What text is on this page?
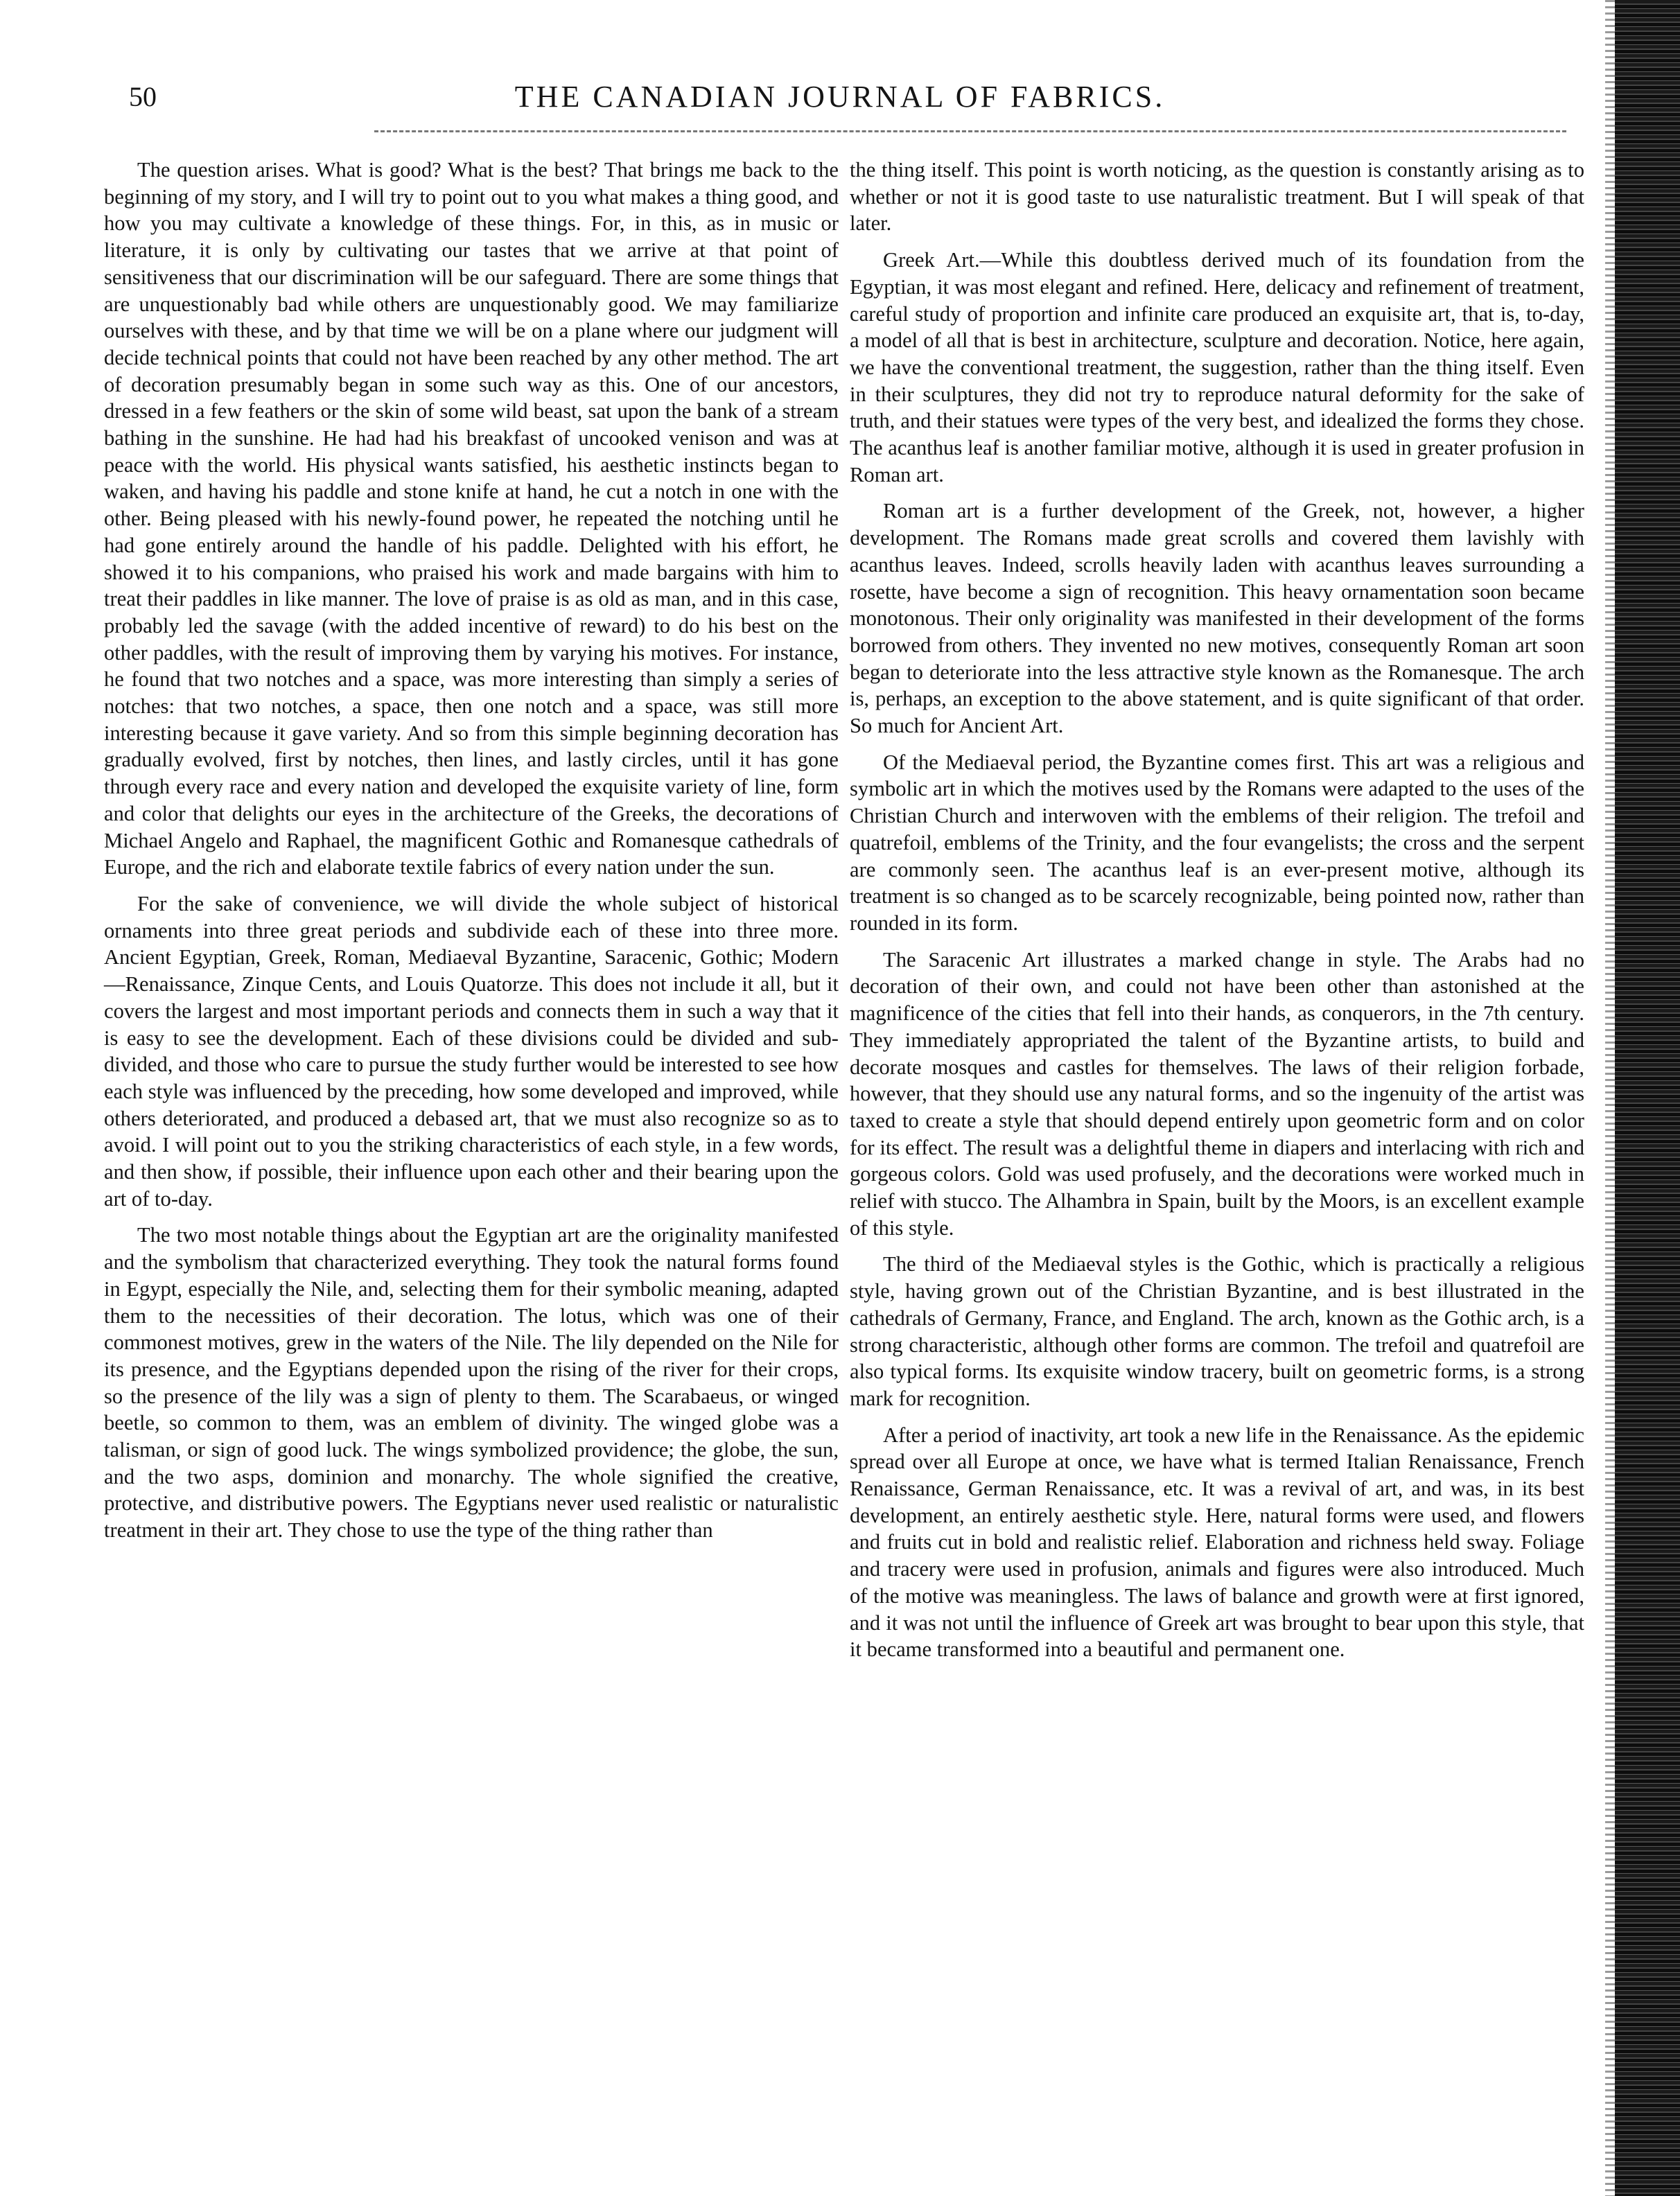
50	THE CANADIAN JOURNAL OF FABRICS.

The question arises. What is good? What is the best? That brings me back to the beginning of my story, and I will try to point out to you what makes a thing good, and how you may cultivate a knowledge of these things. For, in this, as in music or literature, it is only by cultivating our tastes that we arrive at that point of sensitiveness that our discrimination will be our safeguard. There are some things that are unquestionably bad while others are unquestionably good. We may familiarize ourselves with these, and by that time we will be on a plane where our judgment will decide technical points that could not have been reached by any other method. The art of decoration presumably began in some such way as this. One of our ancestors, dressed in a few feathers or the skin of some wild beast, sat upon the bank of a stream bathing in the sunshine. He had had his breakfast of uncooked venison and was at peace with the world. His physical wants satisfied, his aesthetic instincts began to waken, and having his paddle and stone knife at hand, he cut a notch in one with the other. Being pleased with his newly-found power, he repeated the notching until he had gone entirely around the handle of his paddle. Delighted with his effort, he showed it to his companions, who praised his work and made bargains with him to treat their paddles in like manner. The love of praise is as old as man, and in this case, probably led the savage (with the added incentive of reward) to do his best on the other paddles, with the result of improving them by varying his motives. For instance, he found that two notches and a space, was more interesting than simply a series of notches: that two notches, a space, then one notch and a space, was still more interesting because it gave variety. And so from this simple beginning decoration has gradually evolved, first by notches, then lines, and lastly circles, until it has gone through every race and every nation and developed the exquisite variety of line, form and color that delights our eyes in the architecture of the Greeks, the decorations of Michael Angelo and Raphael, the magnificent Gothic and Romanesque cathedrals of Europe, and the rich and elaborate textile fabrics of every nation under the sun.

For the sake of convenience, we will divide the whole subject of historical ornaments into three great periods and subdivide each of these into three more. Ancient Egyptian, Greek, Roman, Mediaeval Byzantine, Saracenic, Gothic; Modern—Renaissance, Zinque Cents, and Louis Quatorze. This does not include it all, but it covers the largest and most important periods and connects them in such a way that it is easy to see the development. Each of these divisions could be divided and sub-divided, and those who care to pursue the study further would be interested to see how each style was influenced by the preceding, how some developed and improved, while others deteriorated, and produced a debased art, that we must also recognize so as to avoid. I will point out to you the striking characteristics of each style, in a few words, and then show, if possible, their influence upon each other and their bearing upon the art of to-day.

The two most notable things about the Egyptian art are the originality manifested and the symbolism that characterized everything. They took the natural forms found in Egypt, especially the Nile, and, selecting them for their symbolic meaning, adapted them to the necessities of their decoration. The lotus, which was one of their commonest motives, grew in the waters of the Nile. The lily depended on the Nile for its presence, and the Egyptians depended upon the rising of the river for their crops, so the presence of the lily was a sign of plenty to them. The Scarabaeus, or winged beetle, so common to them, was an emblem of divinity. The winged globe was a talisman, or sign of good luck. The wings symbolized providence; the globe, the sun, and the two asps, dominion and monarchy. The whole signified the creative, protective, and distributive powers. The Egyptians never used realistic or naturalistic treatment in their art. They chose to use the type of the thing rather than

the thing itself. This point is worth noticing, as the question is constantly arising as to whether or not it is good taste to use naturalistic treatment. But I will speak of that later.

Greek Art.—While this doubtless derived much of its foundation from the Egyptian, it was most elegant and refined. Here, delicacy and refinement of treatment, careful study of proportion and infinite care produced an exquisite art, that is, to-day, a model of all that is best in architecture, sculpture and decoration. Notice, here again, we have the conventional treatment, the suggestion, rather than the thing itself. Even in their sculptures, they did not try to reproduce natural deformity for the sake of truth, and their statues were types of the very best, and idealized the forms they chose. The acanthus leaf is another familiar motive, although it is used in greater profusion in Roman art.

Roman art is a further development of the Greek, not, however, a higher development. The Romans made great scrolls and covered them lavishly with acanthus leaves. Indeed, scrolls heavily laden with acanthus leaves surrounding a rosette, have become a sign of recognition. This heavy ornamentation soon became monotonous. Their only originality was manifested in their development of the forms borrowed from others. They invented no new motives, consequently Roman art soon began to deteriorate into the less attractive style known as the Romanesque. The arch is, perhaps, an exception to the above statement, and is quite significant of that order. So much for Ancient Art.

Of the Mediaeval period, the Byzantine comes first. This art was a religious and symbolic art in which the motives used by the Romans were adapted to the uses of the Christian Church and interwoven with the emblems of their religion. The trefoil and quatrefoil, emblems of the Trinity, and the four evangelists; the cross and the serpent are commonly seen. The acanthus leaf is an ever-present motive, although its treatment is so changed as to be scarcely recognizable, being pointed now, rather than rounded in its form.

The Saracenic Art illustrates a marked change in style. The Arabs had no decoration of their own, and could not have been other than astonished at the magnificence of the cities that fell into their hands, as conquerors, in the 7th century. They immediately appropriated the talent of the Byzantine artists, to build and decorate mosques and castles for themselves. The laws of their religion forbade, however, that they should use any natural forms, and so the ingenuity of the artist was taxed to create a style that should depend entirely upon geometric form and on color for its effect. The result was a delightful theme in diapers and interlacing with rich and gorgeous colors. Gold was used profusely, and the decorations were worked much in relief with stucco. The Alhambra in Spain, built by the Moors, is an excellent example of this style.

The third of the Mediaeval styles is the Gothic, which is practically a religious style, having grown out of the Christian Byzantine, and is best illustrated in the cathedrals of Germany, France, and England. The arch, known as the Gothic arch, is a strong characteristic, although other forms are common. The trefoil and quatrefoil are also typical forms. Its exquisite window tracery, built on geometric forms, is a strong mark for recognition.

After a period of inactivity, art took a new life in the Renaissance. As the epidemic spread over all Europe at once, we have what is termed Italian Renaissance, French Renaissance, German Renaissance, etc. It was a revival of art, and was, in its best development, an entirely aesthetic style. Here, natural forms were used, and flowers and fruits cut in bold and realistic relief. Elaboration and richness held sway. Foliage and tracery were used in profusion, animals and figures were also introduced. Much of the motive was meaningless. The laws of balance and growth were at first ignored, and it was not until the influence of Greek art was brought to bear upon this style, that it became transformed into a beautiful and permanent one.
